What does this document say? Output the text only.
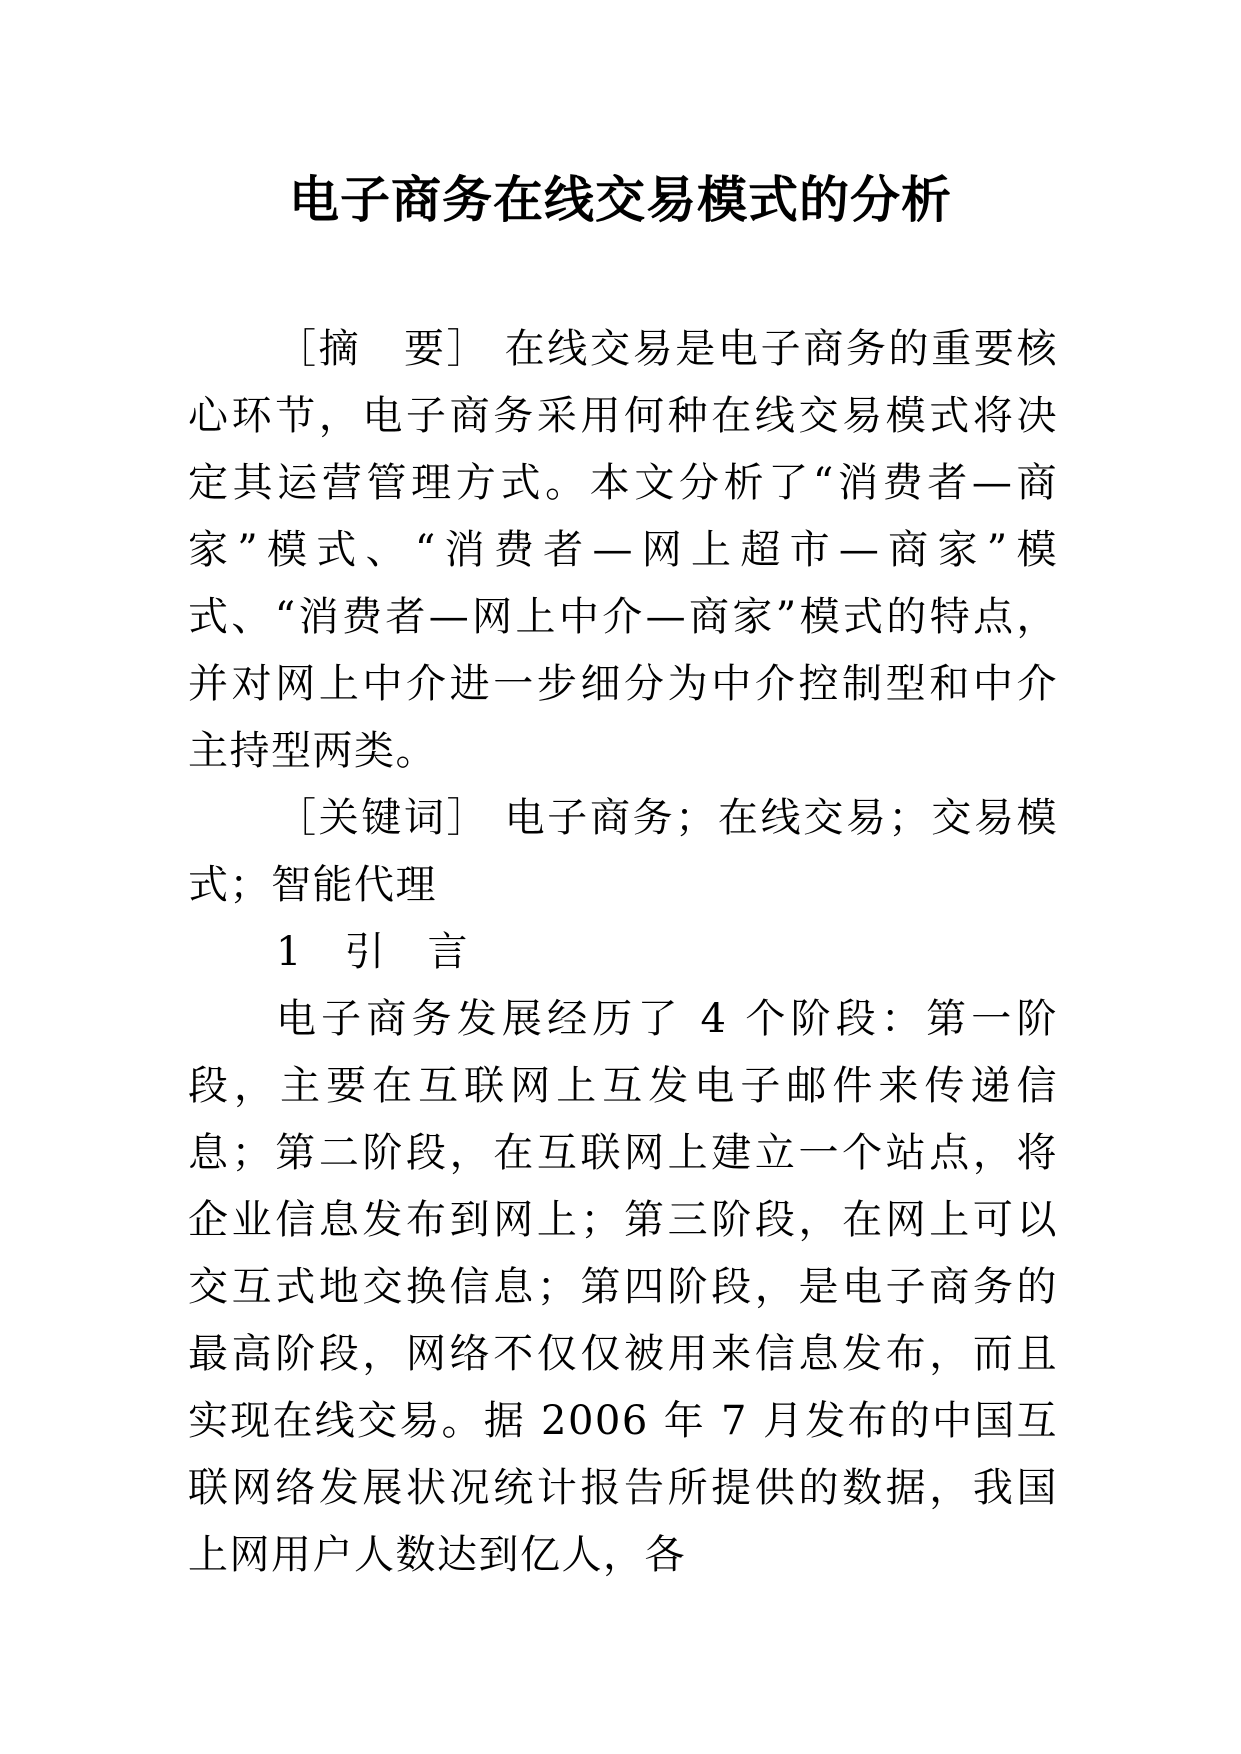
电子商务在线交易模式的分析

［摘　要］ 在线交易是电子商务的重要核心环节，电子商务采用何种在线交易模式将决定其运营管理方式。本文分析了“消费者—商家”模式、“消费者—网上超市—商家”模式、“消费者—网上中介—商家”模式的特点，并对网上中介进一步细分为中介控制型和中介主持型两类。

［关键词］ 电子商务；在线交易；交易模式；智能代理

1　引　言

电子商务发展经历了 4 个阶段：第一阶段，主要在互联网上互发电子邮件来传递信息；第二阶段，在互联网上建立一个站点，将企业信息发布到网上；第三阶段，在网上可以交互式地交换信息；第四阶段，是电子商务的最高阶段，网络不仅仅被用来信息发布，而且实现在线交易。据 2006 年 7 月发布的中国互联网络发展状况统计报告所提供的数据，我国上网用户人数达到亿人，各
